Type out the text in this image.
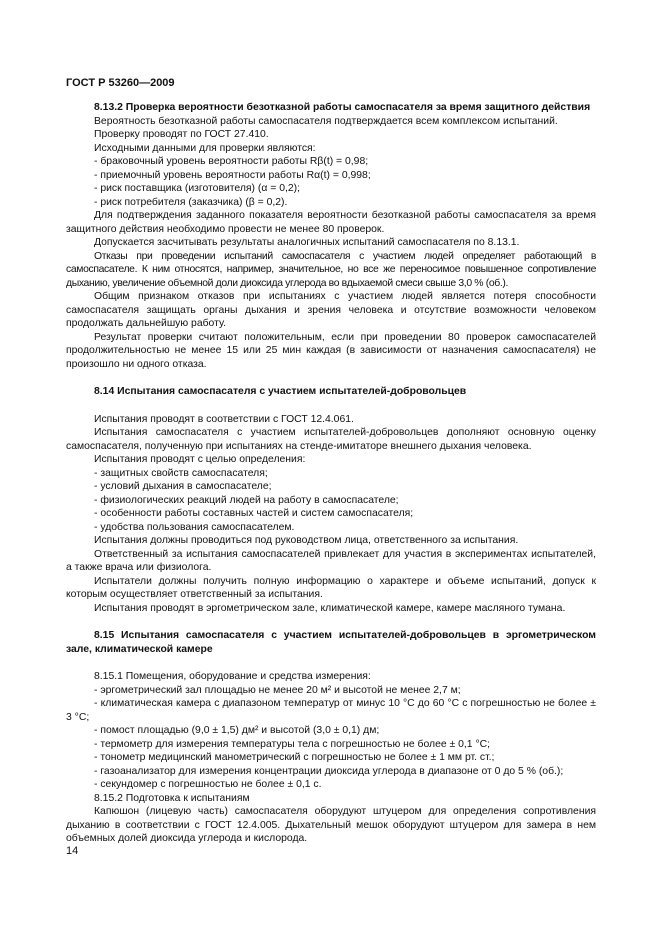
ГОСТ Р 53260—2009

8.13.2 Проверка вероятности безотказной работы самоспасателя за время защитного действия

Вероятность безотказной работы самоспасателя подтверждается всем комплексом испытаний.

Проверку проводят по ГОСТ 27.410.

Исходными данными для проверки являются:

- браковочный уровень вероятности работы Rβ(t) = 0,98;

- приемочный уровень вероятности работы Rα(t) = 0,998;

- риск поставщика (изготовителя) (α = 0,2);

- риск потребителя (заказчика) (β = 0,2).

Для подтверждения заданного показателя вероятности безотказной работы самоспасателя за время защитного действия необходимо провести не менее 80 проверок.

Допускается засчитывать результаты аналогичных испытаний самоспасателя по 8.13.1.

Отказы при проведении испытаний самоспасателя с участием людей определяет работающий в самоспасателе. К ним относятся, например, значительное, но все же переносимое повышенное сопротивление дыханию, увеличение объемной доли диоксида углерода во вдыхаемой смеси свыше 3,0 % (об.).

Общим признаком отказов при испытаниях с участием людей является потеря способности самоспасателя защищать органы дыхания и зрения человека и отсутствие возможности человеком продолжать дальнейшую работу.

Результат проверки считают положительным, если при проведении 80 проверок самоспасателей продолжительностью не менее 15 или 25 мин каждая (в зависимости от назначения самоспасателя) не произошло ни одного отказа.

8.14 Испытания самоспасателя с участием испытателей-добровольцев

Испытания проводят в соответствии с ГОСТ 12.4.061.

Испытания самоспасателя с участием испытателей-добровольцев дополняют основную оценку самоспасателя, полученную при испытаниях на стенде-имитаторе внешнего дыхания человека.

Испытания проводят с целью определения:

- защитных свойств самоспасателя;

- условий дыхания в самоспасателе;

- физиологических реакций людей на работу в самоспасателе;

- особенности работы составных частей и систем самоспасателя;

- удобства пользования самоспасателем.

Испытания должны проводиться под руководством лица, ответственного за испытания.

Ответственный за испытания самоспасателей привлекает для участия в экспериментах испытателей, а также врача или физиолога.

Испытатели должны получить полную информацию о характере и объеме испытаний, допуск к которым осуществляет ответственный за испытания.

Испытания проводят в эргометрическом зале, климатической камере, камере масляного тумана.

8.15 Испытания самоспасателя с участием испытателей-добровольцев в эргометрическом зале, климатической камере

8.15.1 Помещения, оборудование и средства измерения:

- эргометрический зал площадью не менее 20 м² и высотой не менее 2,7 м;

- климатическая камера с диапазоном температур от минус 10 °С до 60 °С с погрешностью не более ± 3 °С;

- помост площадью (9,0 ± 1,5) дм² и высотой (3,0 ± 0,1) дм;

- термометр для измерения температуры тела с погрешностью не более ± 0,1 °С;

- тонометр медицинский манометрический с погрешностью не более ± 1 мм рт. ст.;

- газоанализатор для измерения концентрации диоксида углерода в диапазоне от 0 до 5 % (об.);

- секундомер с погрешностью не более ± 0,1 с.

8.15.2 Подготовка к испытаниям

Капюшон (лицевую часть) самоспасателя оборудуют штуцером для определения сопротивления дыханию в соответствии с ГОСТ 12.4.005. Дыхательный мешок оборудуют штуцером для замера в нем объемных долей диоксида углерода и кислорода.

14
